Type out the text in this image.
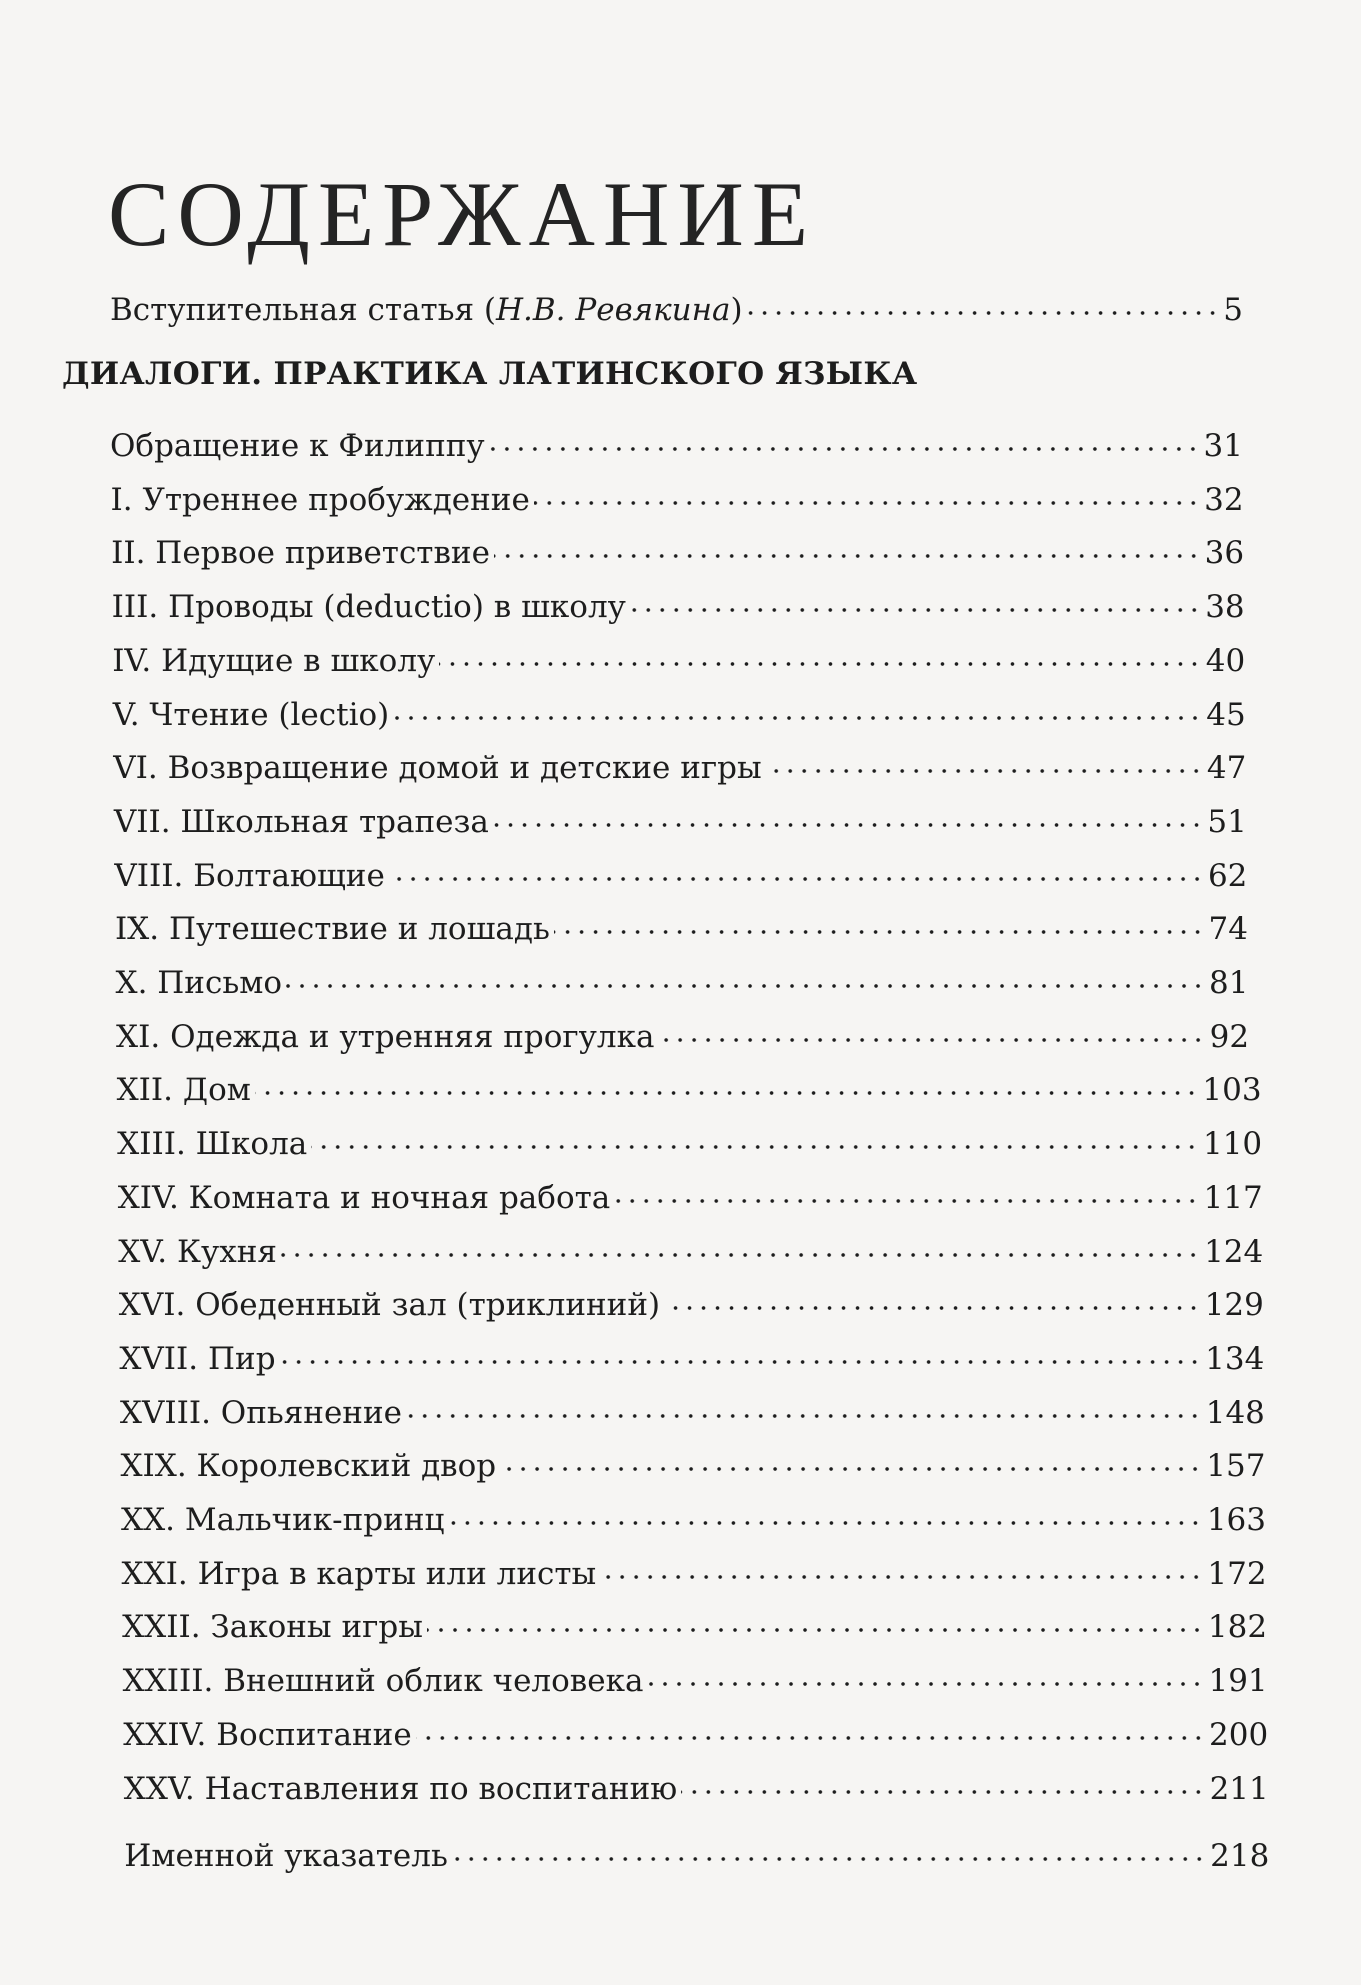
СОДЕРЖАНИЕ
Вступительная статья (Н.В. Ревякина)	5
ДИАЛОГИ. ПРАКТИКА ЛАТИНСКОГО ЯЗЫКА
Обращение к Филиппу	31
I. Утреннее пробуждение	32
II. Первое приветствие	36
III. Проводы (deductio) в школу	38
IV. Идущие в школу	40
V. Чтение (lectio)	45
VI. Возвращение домой и детские игры	47
VII. Школьная трапеза	51
VIII. Болтающие	62
IX. Путешествие и лошадь	74
X. Письмо	81
XI. Одежда и утренняя прогулка	92
XII. Дом	103
XIII. Школа	110
XIV. Комната и ночная работа	117
XV. Кухня	124
XVI. Обеденный зал (триклиний)	129
XVII. Пир	134
XVIII. Опьянение	148
XIX. Королевский двор	157
XX. Мальчик-принц	163
XXI. Игра в карты или листы	172
XXII. Законы игры	182
XXIII. Внешний облик человека	191
XXIV. Воспитание	200
XXV. Наставления по воспитанию	211
Именной указатель	218
